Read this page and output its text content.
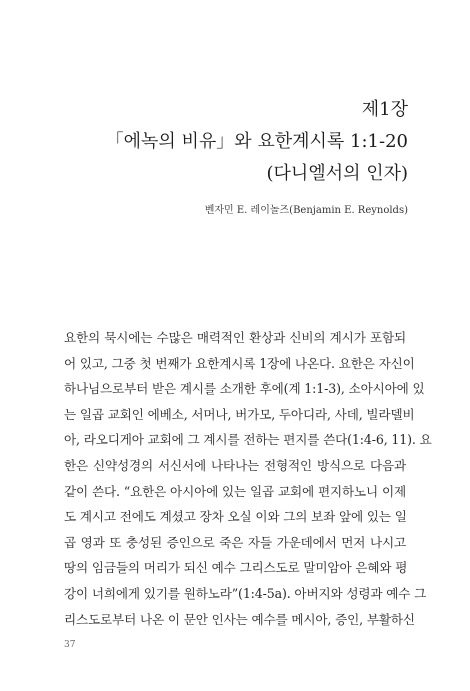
제1장
「에녹의 비유」와 요한계시록 1:1-20
(다니엘서의 인자)
벤자민 E. 레이놀즈(Benjamin E. Reynolds)
요한의 묵시에는 수많은 매력적인 환상과 신비의 계시가 포함되
어 있고, 그중 첫 번째가 요한계시록 1장에 나온다. 요한은 자신이
하나님으로부터 받은 계시를 소개한 후에(계 1:1-3), 소아시아에 있
는 일곱 교회인 에베소, 서머나, 버가모, 두아디라, 사데, 빌라델비
아, 라오디게아 교회에 그 계시를 전하는 편지를 쓴다(1:4-6, 11). 요
한은 신약성경의 서신서에 나타나는 전형적인 방식으로 다음과
같이 쓴다. “요한은 아시아에 있는 일곱 교회에 편지하노니 이제
도 계시고 전에도 계셨고 장차 오실 이와 그의 보좌 앞에 있는 일
곱 영과 또 충성된 증인으로 죽은 자들 가운데에서 먼저 나시고
땅의 임금들의 머리가 되신 예수 그리스도로 말미암아 은혜와 평
강이 너희에게 있기를 원하노라”(1:4-5a). 아버지와 성령과 예수 그
리스도로부터 나온 이 문안 인사는 예수를 메시아, 증인, 부활하신
37
